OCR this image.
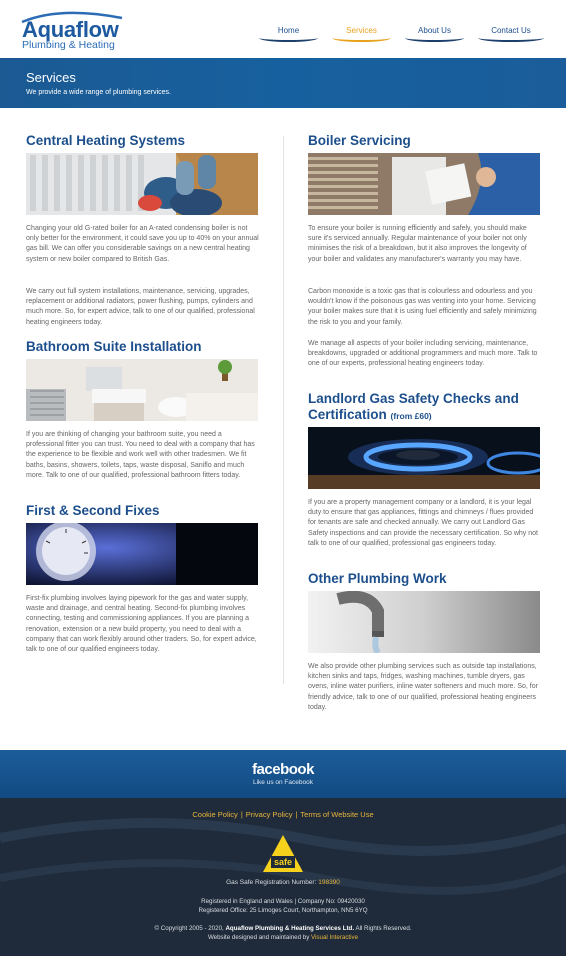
Aquaflow
Plumbing & Heating
Home	Services	About Us	Contact Us
Services

We provide a wide range of plumbing services.

Central Heating Systems
Changing your old G-rated boiler for an A-rated condensing boiler is not only better for the environment, it could save you up to 40% on your annual gas bill. We can offer you considerable savings on a new central heating system or new boiler compared to British Gas.
We carry out full system installations, maintenance, servicing, upgrades, replacement or additional radiators, power flushing, pumps, cylinders and much more. So, for expert advice, talk to one of our qualified, professional heating engineers today.
Bathroom Suite Installation
If you are thinking of changing your bathroom suite, you need a professional fitter you can trust. You need to deal with a company that has the experience to be flexible and work well with other tradesmen. We fit baths, basins, showers, toilets, taps, waste disposal, Saniflo and much more. Talk to one of our qualified, professional bathroom fitters today.
First & Second Fixes
First-fix plumbing involves laying pipework for the gas and water supply, waste and drainage, and central heating. Second-fix plumbing involves connecting, testing and commissioning appliances. If you are planning a renovation, extension or a new build property, you need to deal with a company that can work flexibly around other traders. So, for expert advice, talk to one of our qualified engineers today.
Boiler Servicing
To ensure your boiler is running efficiently and safely, you should make sure it's serviced annually. Regular maintenance of your boiler not only minimises the risk of a breakdown, but it also improves the longevity of your boiler and validates any manufacturer's warranty you may have.
Carbon monoxide is a toxic gas that is colourless and odourless and you wouldn't know if the poisonous gas was venting into your home. Servicing your boiler makes sure that it is using fuel efficiently and safely minimizing the risk to you and your family.
We manage all aspects of your boiler including servicing, maintenance, breakdowns, upgraded or additional programmers and much more. Talk to one of our experts, professional heating engineers today.
Landlord Gas Safety Checks and Certification (from £60)
If you are a property management company or a landlord, it is your legal duty to ensure that gas appliances, fittings and chimneys / flues provided for tenants are safe and checked annually. We carry out Landlord Gas Safety inspections and can provide the necessary certification. So why not talk to one of our qualified, professional gas engineers today.
Other Plumbing Work
We also provide other plumbing services such as outside tap installations, kitchen sinks and taps, fridges, washing machines, tumble dryers, gas ovens, inline water purifiers, inline water softeners and much more. So, for friendly advice, talk to one of our qualified, professional heating engineers today.
facebook
Like us on Facebook
Cookie Policy | Privacy Policy | Terms of Website Use
safe
Gas Safe Registration Number: 198390
Registered in England and Wales | Company No: 09420030
Registered Office: 25 Limoges Court, Northampton, NN5 6YQ
© Copyright 2005 - 2020, Aquaflow Plumbing & Heating Services Ltd. All Rights Reserved.
Website designed and maintained by Visual Interactive
